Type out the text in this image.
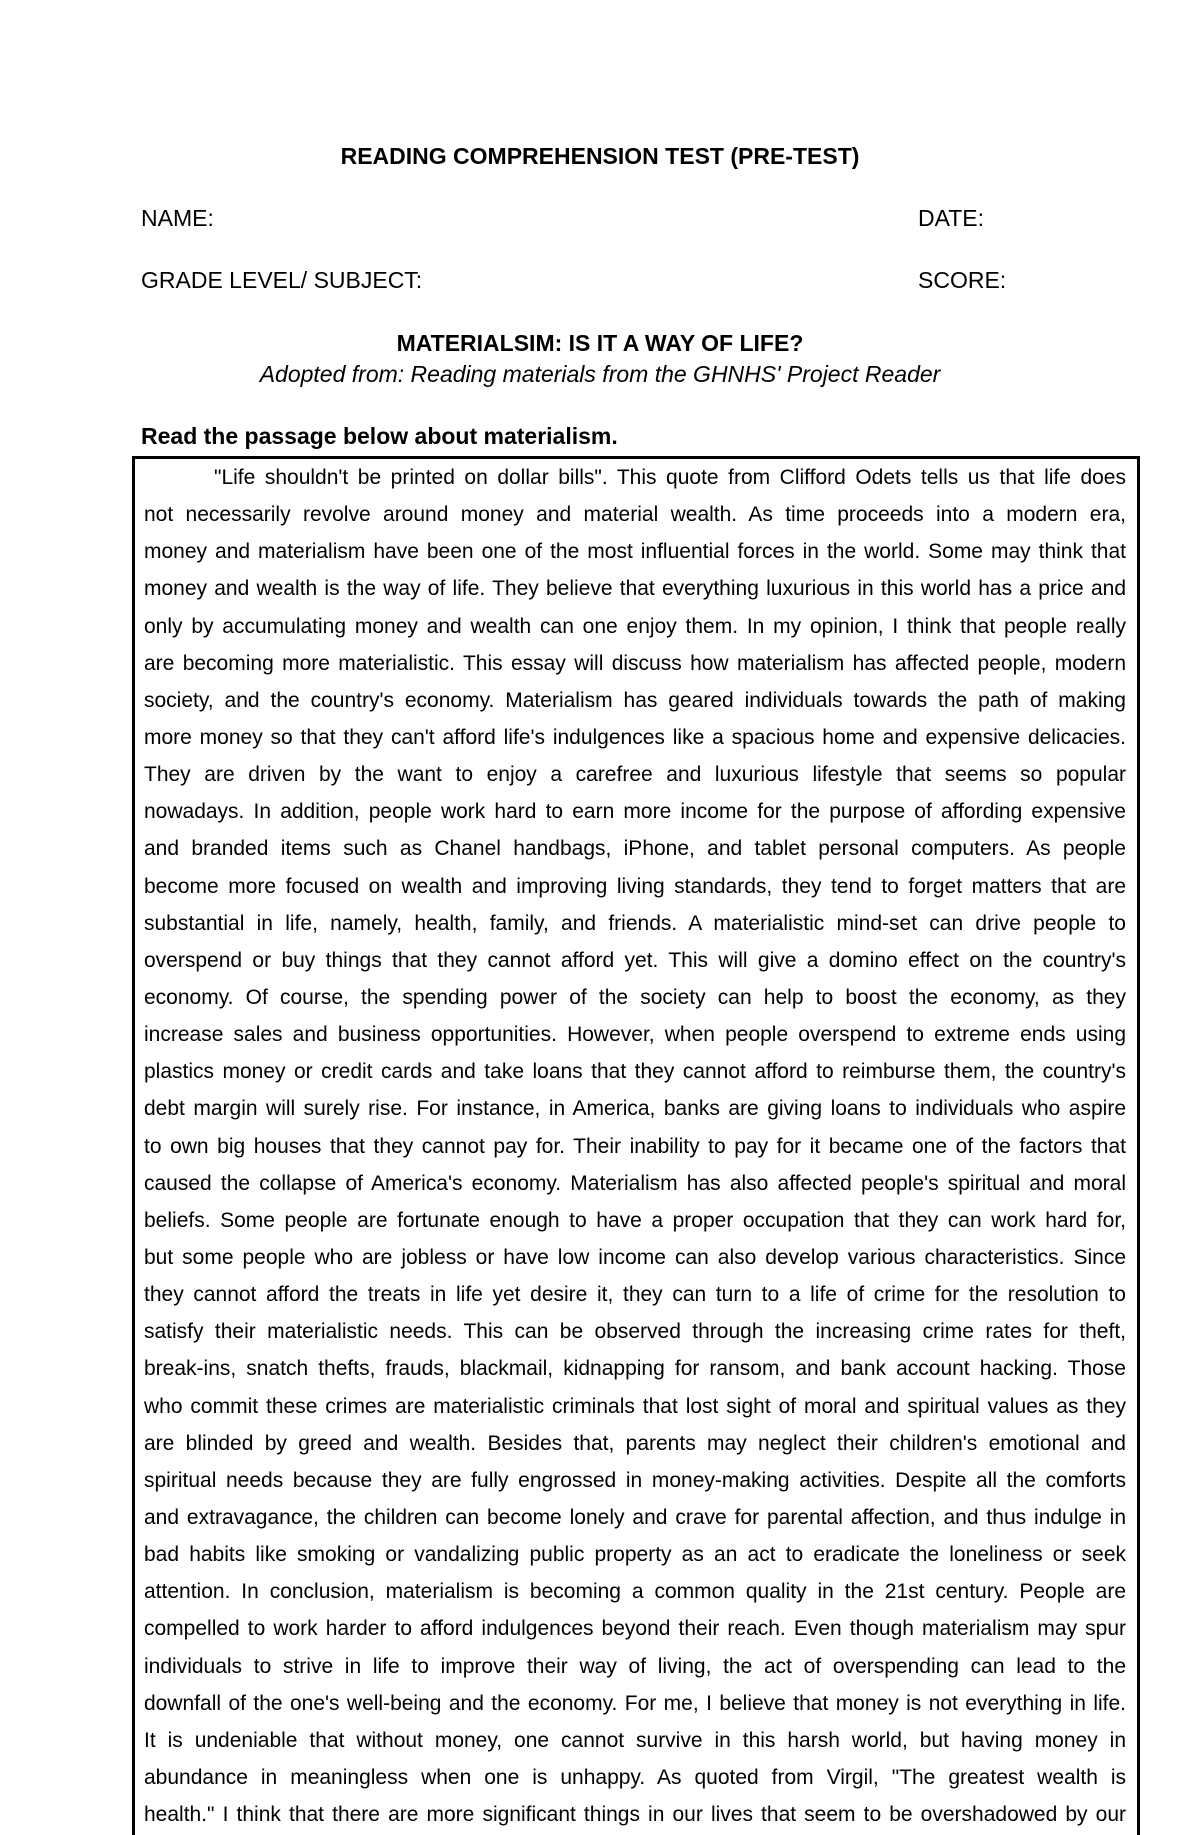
READING COMPREHENSION TEST (PRE-TEST)
NAME:	DATE:
GRADE LEVEL/ SUBJECT:	SCORE:
MATERIALSIM: IS IT A WAY OF LIFE?
Adopted from: Reading materials from the GHNHS' Project Reader
Read the passage below about materialism.
"Life shouldn't be printed on dollar bills". This quote from Clifford Odets tells us that life does
not necessarily revolve around money and material wealth. As time proceeds into a modern era,
money and materialism have been one of the most influential forces in the world. Some may think that
money and wealth is the way of life. They believe that everything luxurious in this world has a price and
only by accumulating money and wealth can one enjoy them. In my opinion, I think that people really
are becoming more materialistic. This essay will discuss how materialism has affected people, modern
society, and the country's economy. Materialism has geared individuals towards the path of making
more money so that they can't afford life's indulgences like a spacious home and expensive delicacies.
They are driven by the want to enjoy a carefree and luxurious lifestyle that seems so popular
nowadays. In addition, people work hard to earn more income for the purpose of affording expensive
and branded items such as Chanel handbags, iPhone, and tablet personal computers. As people
become more focused on wealth and improving living standards, they tend to forget matters that are
substantial in life, namely, health, family, and friends. A materialistic mind-set can drive people to
overspend or buy things that they cannot afford yet. This will give a domino effect on the country's
economy. Of course, the spending power of the society can help to boost the economy, as they
increase sales and business opportunities. However, when people overspend to extreme ends using
plastics money or credit cards and take loans that they cannot afford to reimburse them, the country's
debt margin will surely rise. For instance, in America, banks are giving loans to individuals who aspire
to own big houses that they cannot pay for. Their inability to pay for it became one of the factors that
caused the collapse of America's economy. Materialism has also affected people's spiritual and moral
beliefs. Some people are fortunate enough to have a proper occupation that they can work hard for,
but some people who are jobless or have low income can also develop various characteristics. Since
they cannot afford the treats in life yet desire it, they can turn to a life of crime for the resolution to
satisfy their materialistic needs. This can be observed through the increasing crime rates for theft,
break-ins, snatch thefts, frauds, blackmail, kidnapping for ransom, and bank account hacking. Those
who commit these crimes are materialistic criminals that lost sight of moral and spiritual values as they
are blinded by greed and wealth. Besides that, parents may neglect their children's emotional and
spiritual needs because they are fully engrossed in money-making activities. Despite all the comforts
and extravagance, the children can become lonely and crave for parental affection, and thus indulge in
bad habits like smoking or vandalizing public property as an act to eradicate the loneliness or seek
attention. In conclusion, materialism is becoming a common quality in the 21st century. People are
compelled to work harder to afford indulgences beyond their reach. Even though materialism may spur
individuals to strive in life to improve their way of living, the act of overspending can lead to the
downfall of the one's well-being and the economy. For me, I believe that money is not everything in life.
It is undeniable that without money, one cannot survive in this harsh world, but having money in
abundance in meaningless when one is unhappy. As quoted from Virgil, "The greatest wealth is
health." I think that there are more significant things in our lives that seem to be overshadowed by our
